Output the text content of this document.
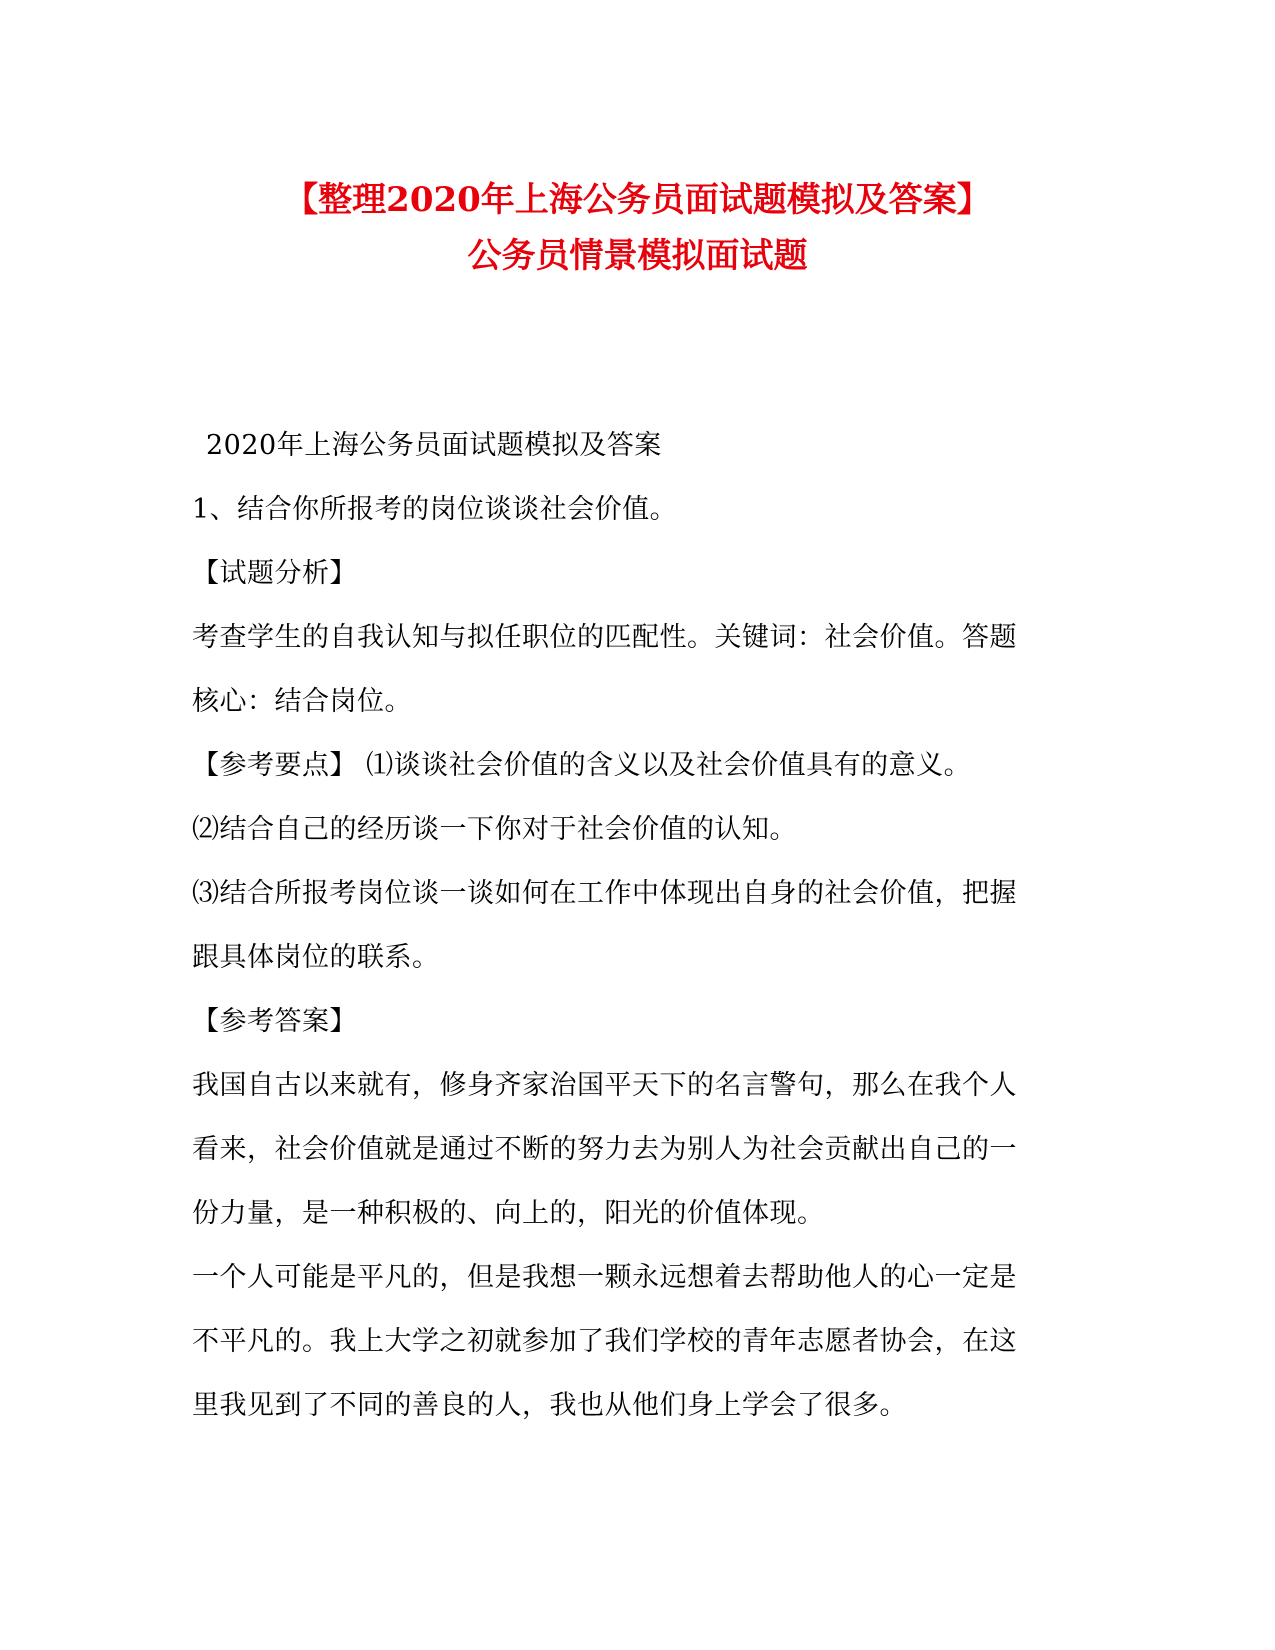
【整理2020年上海公务员面试题模拟及答案】
公务员情景模拟面试题
2020年上海公务员面试题模拟及答案
1、结合你所报考的岗位谈谈社会价值。
【试题分析】
考查学生的自我认知与拟任职位的匹配性。关键词：社会价值。答题
核心：结合岗位。
【参考要点】 ⑴谈谈社会价值的含义以及社会价值具有的意义。
⑵结合自己的经历谈一下你对于社会价值的认知。
⑶结合所报考岗位谈一谈如何在工作中体现出自身的社会价值，把握
跟具体岗位的联系。
【参考答案】
我国自古以来就有，修身齐家治国平天下的名言警句，那么在我个人
看来，社会价值就是通过不断的努力去为别人为社会贡献出自己的一
份力量，是一种积极的、向上的，阳光的价值体现。
一个人可能是平凡的，但是我想一颗永远想着去帮助他人的心一定是
不平凡的。我上大学之初就参加了我们学校的青年志愿者协会，在这
里我见到了不同的善良的人，我也从他们身上学会了很多。
